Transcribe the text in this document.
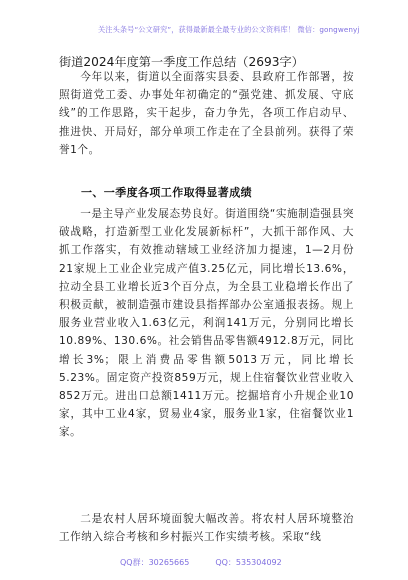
关注头条号“公文研究”，获得最新最全最专业的公文资料库！ 微信：gongwenyj
街道2024年度第一季度工作总结（2693字）

今年以来，街道以全面落实县委、县政府工作部署，按照街道党工委、办事处年初确定的“强党建、抓发展、守底线”的工作思路，实干起步，奋力争先，各项工作启动早、推进快、开局好，部分单项工作走在了全县前列。获得了荣誉1个。

一、一季度各项工作取得显著成绩

一是主导产业发展态势良好。街道围绕“实施制造强县突破战略，打造新型工业化发展新标杆”，大抓干部作风、大抓工作落实，有效推动辖域工业经济加力提速，1—2月份21家规上工业企业完成产值3.25亿元，同比增长13.6%，拉动全县工业增长近3个百分点，为全县工业稳增长作出了积极贡献，被制造强市建设县指挥部办公室通报表扬。规上服务业营业收入1.63亿元，利润141万元，分别同比增长10.89%、130.6%。社会销售品零售额4912.8万元，同比增长3%；限上消费品零售额5013万元，同比增长5.23%。固定资产投资859万元，规上住宿餐饮业营业收入852万元。进出口总额1411万元。挖掘培育小升规企业10家，其中工业4家，贸易业4家，服务业1家，住宿餐饮业1家。

二是农村人居环境面貌大幅改善。将农村人居环境整治工作纳入综合考核和乡村振兴工作实绩考核。采取“线

QQ群：30265665	QQ：535304092
